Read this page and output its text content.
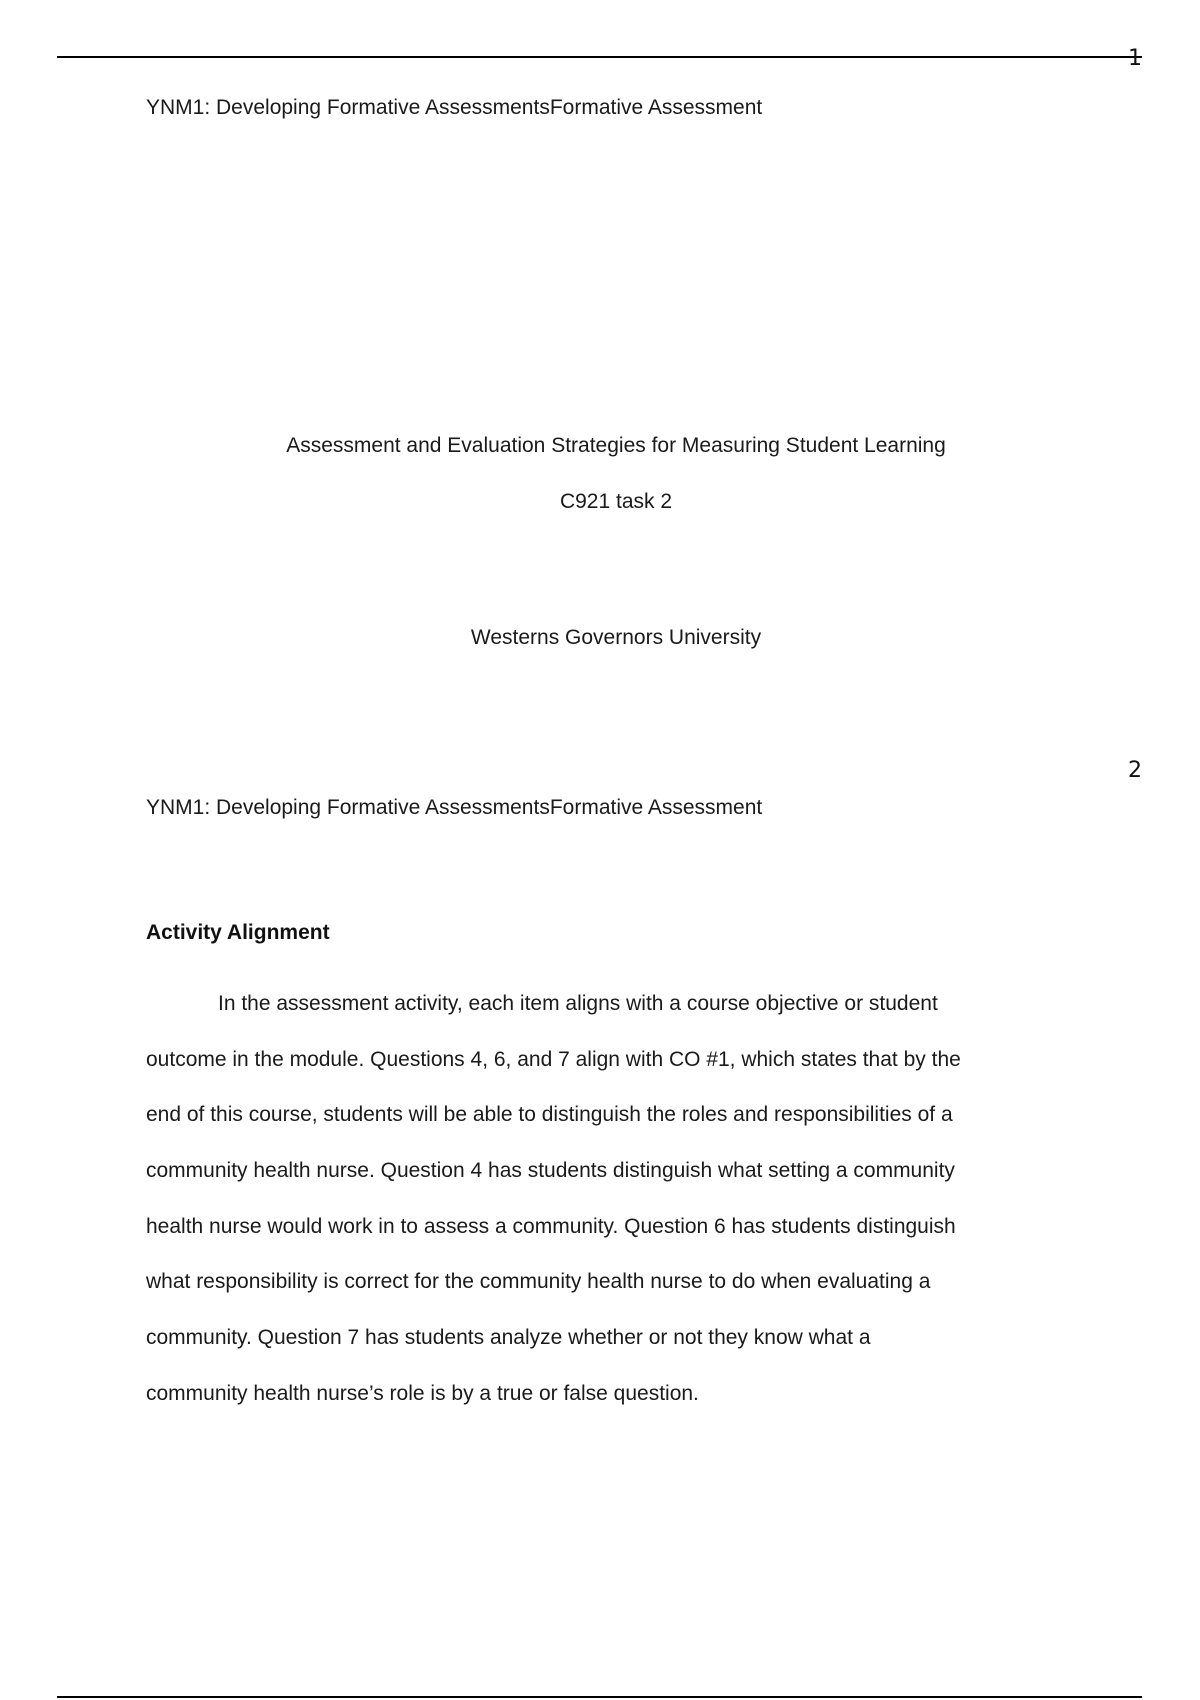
1
YNM1: Developing Formative AssessmentsFormative Assessment
Assessment and Evaluation Strategies for Measuring Student Learning
C921 task 2
Westerns Governors University
2
YNM1: Developing Formative AssessmentsFormative Assessment
Activity Alignment
In the assessment activity, each item aligns with a course objective or student
outcome in the module. Questions 4, 6, and 7 align with CO #1, which states that by the
end of this course, students will be able to distinguish the roles and responsibilities of a
community health nurse. Question 4 has students distinguish what setting a community
health nurse would work in to assess a community. Question 6 has students distinguish
what responsibility is correct for the community health nurse to do when evaluating a
community. Question 7 has students analyze whether or not they know what a
community health nurse’s role is by a true or false question.
